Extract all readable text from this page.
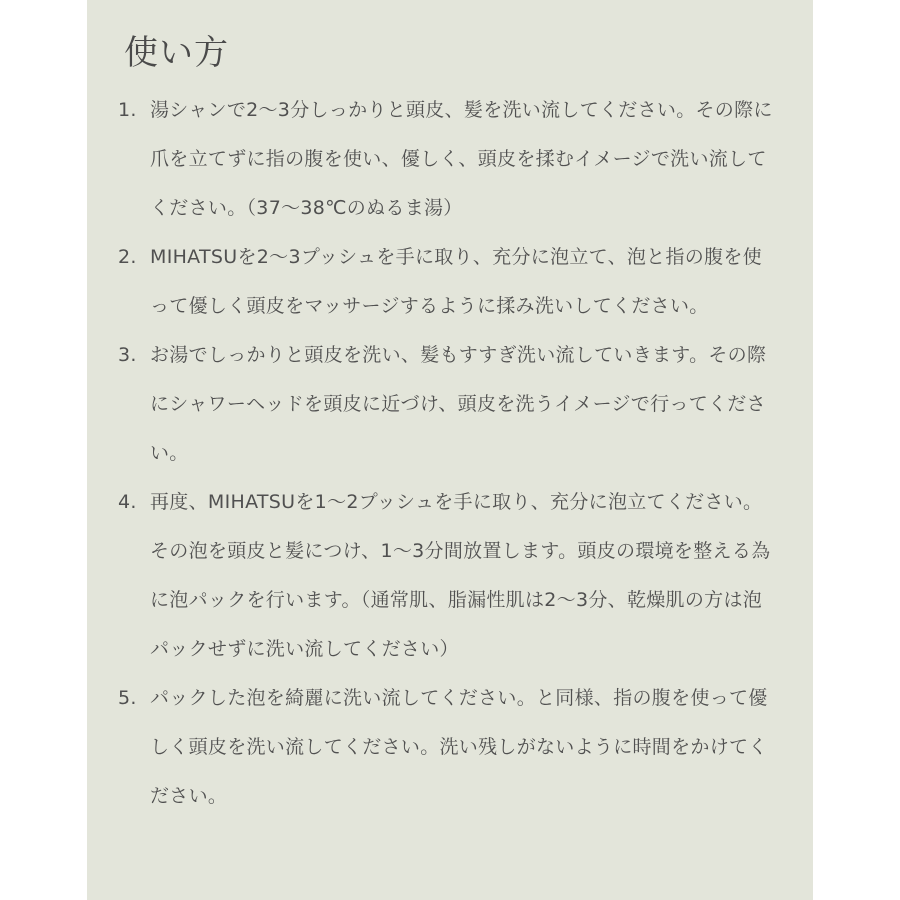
使い方
1. 湯シャンで2〜3分しっかりと頭皮、髪を洗い流してください。その際に爪を立てずに指の腹を使い、優しく、頭皮を揉むイメージで洗い流してください。（37〜38℃のぬるま湯）
2. MIHATSUを2〜3プッシュを手に取り、充分に泡立て、泡と指の腹を使って優しく頭皮をマッサージするように揉み洗いしてください。
3. お湯でしっかりと頭皮を洗い、髪もすすぎ洗い流していきます。その際にシャワーヘッドを頭皮に近づけ、頭皮を洗うイメージで行ってください。
4. 再度、MIHATSUを1〜2プッシュを手に取り、充分に泡立てください。その泡を頭皮と髪につけ、1〜3分間放置します。頭皮の環境を整える為に泡パックを行います。（通常肌、脂漏性肌は2〜3分、乾燥肌の方は泡パックせずに洗い流してください）
5. パックした泡を綺麗に洗い流してください。と同様、指の腹を使って優しく頭皮を洗い流してください。洗い残しがないように時間をかけてください。
